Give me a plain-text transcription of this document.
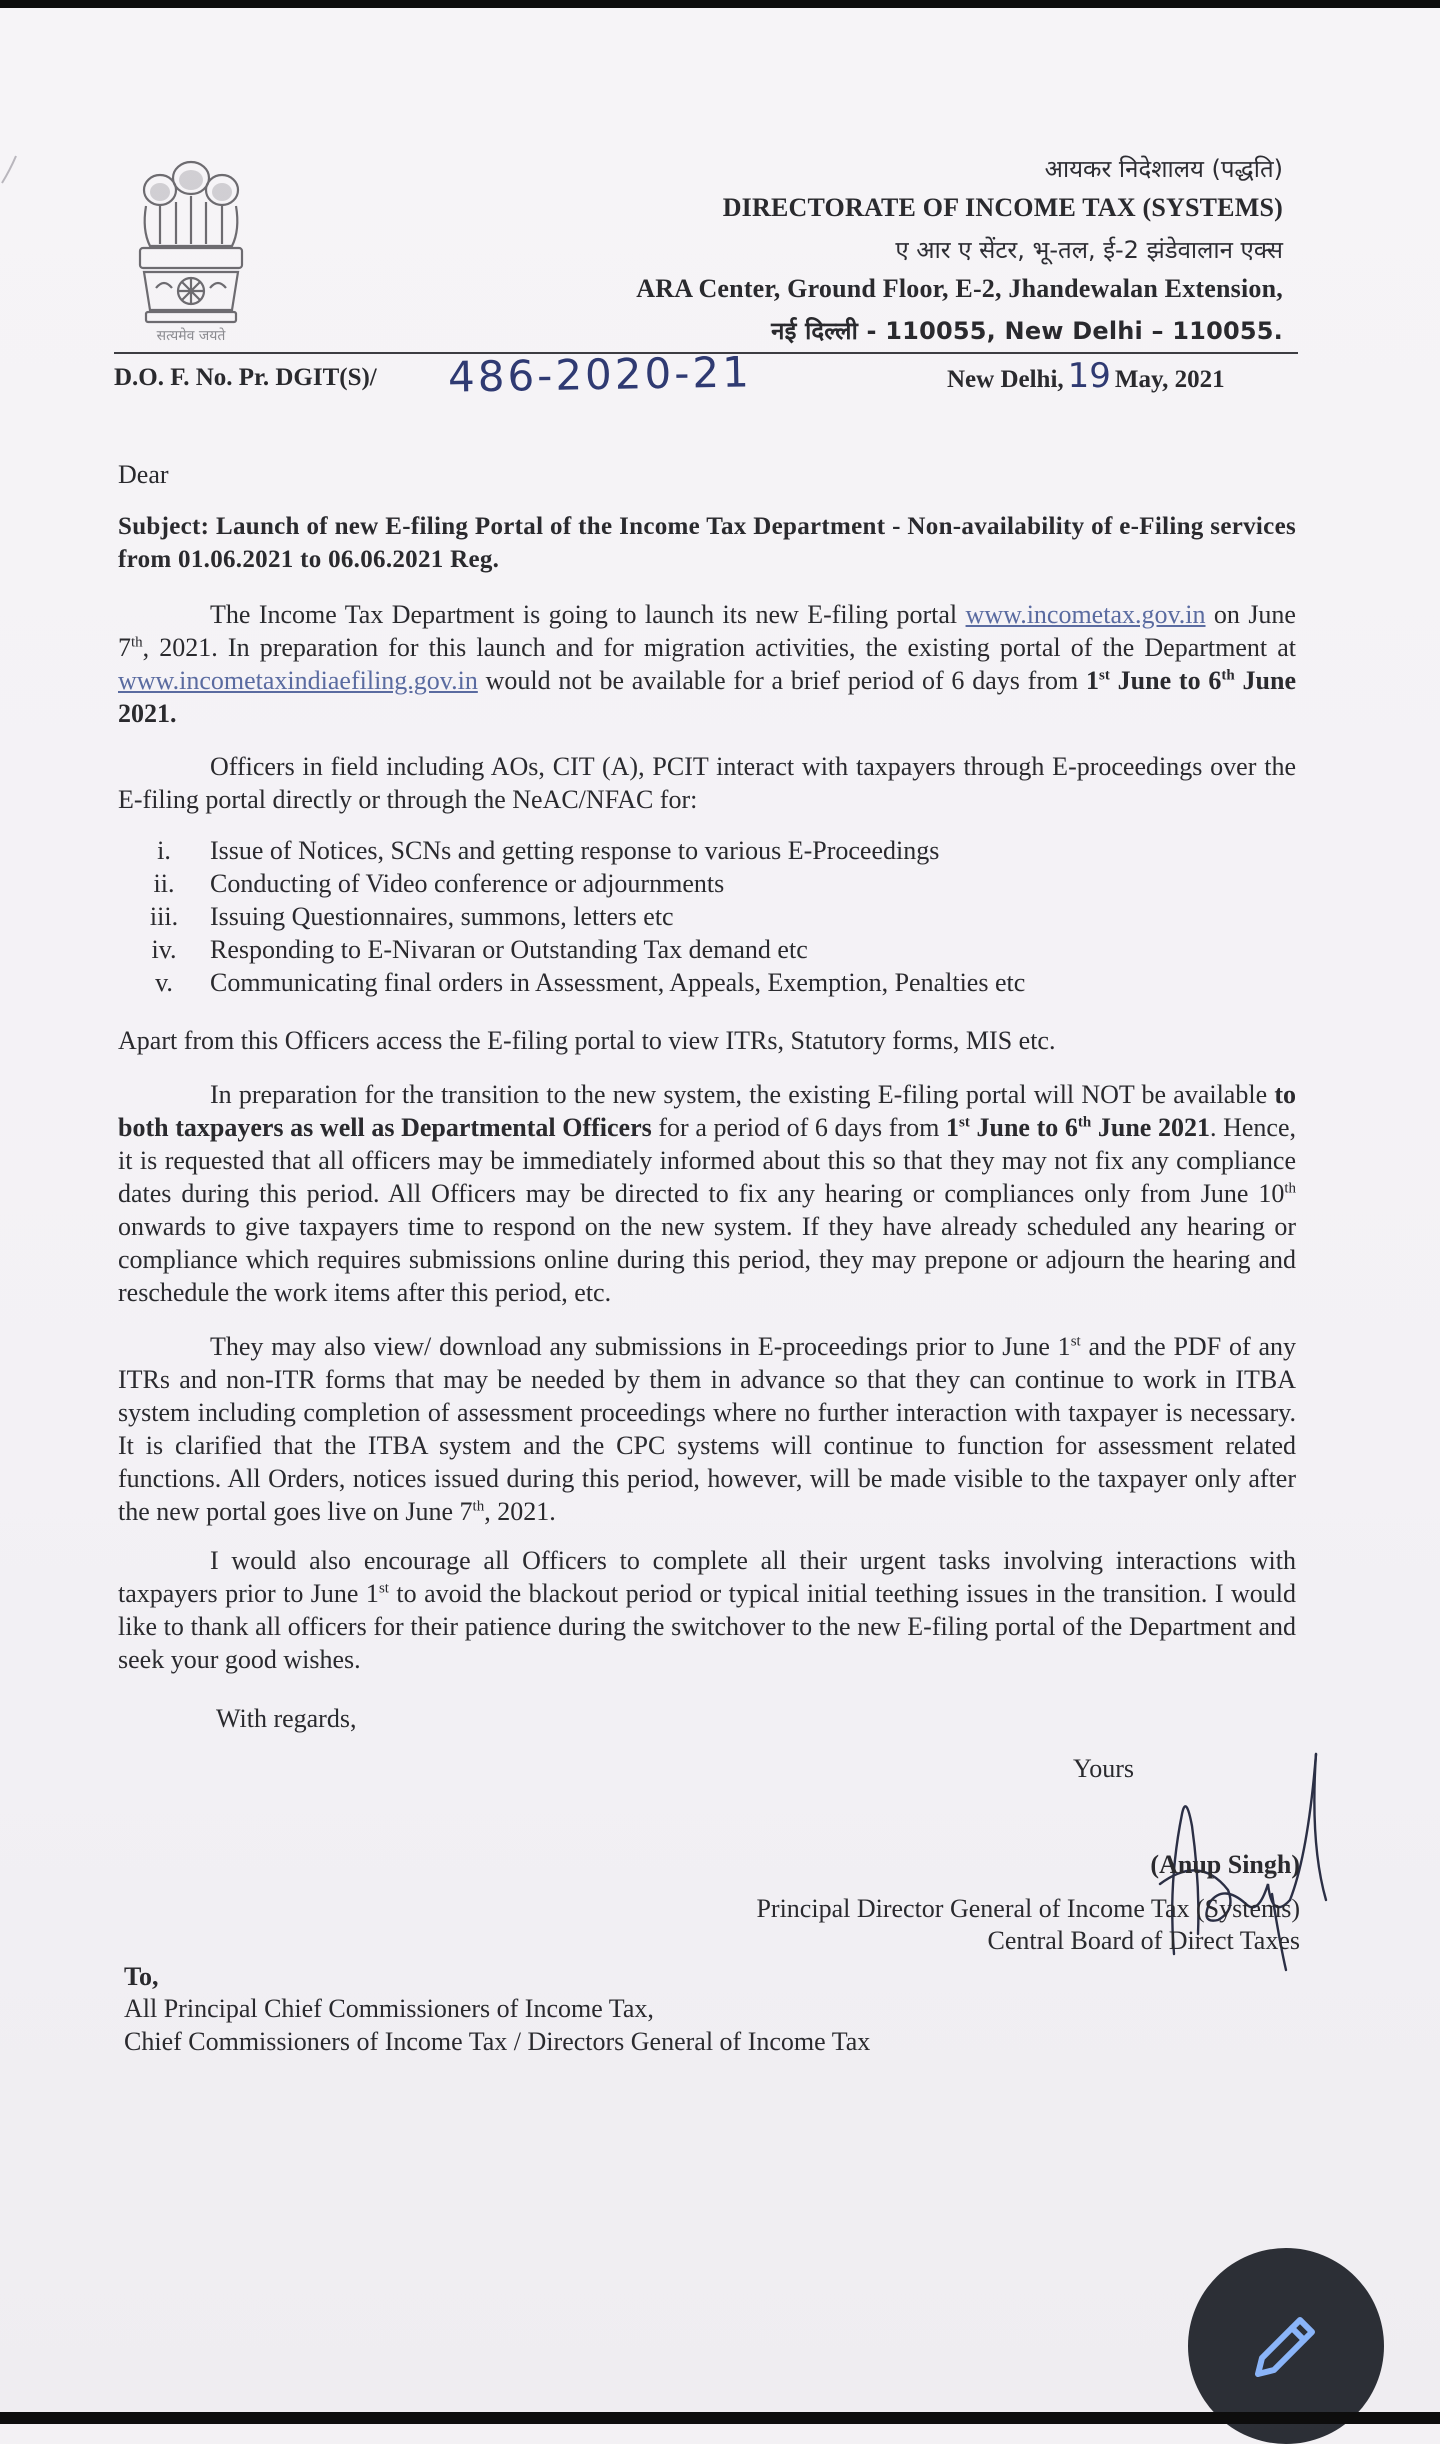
सत्यमेव जयते
आयकर निदेशालय (पद्धति)
DIRECTORATE OF INCOME TAX (SYSTEMS)
ए आर ए सेंटर, भू-तल, ई-2 झंडेवालान एक्स
ARA Center, Ground Floor, E-2, Jhandewalan Extension,
नई दिल्ली - 110055, New Delhi – 110055.
D.O. F. No. Pr. DGIT(S)/ 486-2020-21	New Delhi, 19 May, 2021
Dear
Subject: Launch of new E-filing Portal of the Income Tax Department - Non-availability of e-Filing services from 01.06.2021 to 06.06.2021 Reg.
The Income Tax Department is going to launch its new E-filing portal www.incometax.gov.in on June 7th, 2021. In preparation for this launch and for migration activities, the existing portal of the Department at www.incometaxindiaefiling.gov.in would not be available for a brief period of 6 days from 1st June to 6th June 2021.
Officers in field including AOs, CIT (A), PCIT interact with taxpayers through E-proceedings over the E-filing portal directly or through the NeAC/NFAC for:
i.	Issue of Notices, SCNs and getting response to various E-Proceedings
ii.	Conducting of Video conference or adjournments
iii.	Issuing Questionnaires, summons, letters etc
iv.	Responding to E-Nivaran or Outstanding Tax demand etc
v.	Communicating final orders in Assessment, Appeals, Exemption, Penalties etc
Apart from this Officers access the E-filing portal to view ITRs, Statutory forms, MIS etc.
In preparation for the transition to the new system, the existing E-filing portal will NOT be available to both taxpayers as well as Departmental Officers for a period of 6 days from 1st June to 6th June 2021. Hence, it is requested that all officers may be immediately informed about this so that they may not fix any compliance dates during this period. All Officers may be directed to fix any hearing or compliances only from June 10th onwards to give taxpayers time to respond on the new system. If they have already scheduled any hearing or compliance which requires submissions online during this period, they may prepone or adjourn the hearing and reschedule the work items after this period, etc.
They may also view/ download any submissions in E-proceedings prior to June 1st and the PDF of any ITRs and non-ITR forms that may be needed by them in advance so that they can continue to work in ITBA system including completion of assessment proceedings where no further interaction with taxpayer is necessary. It is clarified that the ITBA system and the CPC systems will continue to function for assessment related functions. All Orders, notices issued during this period, however, will be made visible to the taxpayer only after the new portal goes live on June 7th, 2021.
I would also encourage all Officers to complete all their urgent tasks involving interactions with taxpayers prior to June 1st to avoid the blackout period or typical initial teething issues in the transition. I would like to thank all officers for their patience during the switchover to the new E-filing portal of the Department and seek your good wishes.
With regards,
Yours
(Anup Singh)
Principal Director General of Income Tax (Systems)
Central Board of Direct Taxes
To,
All Principal Chief Commissioners of Income Tax,
Chief Commissioners of Income Tax / Directors General of Income Tax
